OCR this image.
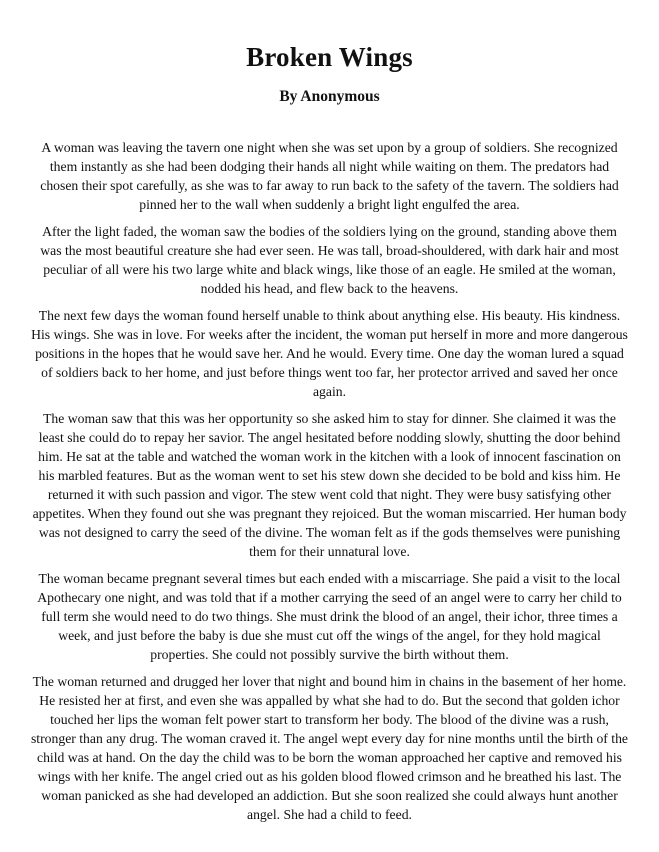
Broken Wings
By Anonymous

A woman was leaving the tavern one night when she was set upon by a group of soldiers. She recognized them instantly as she had been dodging their hands all night while waiting on them. The predators had chosen their spot carefully, as she was to far away to run back to the safety of the tavern. The soldiers had pinned her to the wall when suddenly a bright light engulfed the area.

After the light faded, the woman saw the bodies of the soldiers lying on the ground, standing above them was the most beautiful creature she had ever seen. He was tall, broad-shouldered, with dark hair and most peculiar of all were his two large white and black wings, like those of an eagle. He smiled at the woman, nodded his head, and flew back to the heavens.

The next few days the woman found herself unable to think about anything else. His beauty. His kindness. His wings. She was in love. For weeks after the incident, the woman put herself in more and more dangerous positions in the hopes that he would save her. And he would. Every time. One day the woman lured a squad of soldiers back to her home, and just before things went too far, her protector arrived and saved her once again.

The woman saw that this was her opportunity so she asked him to stay for dinner. She claimed it was the least she could do to repay her savior. The angel hesitated before nodding slowly, shutting the door behind him. He sat at the table and watched the woman work in the kitchen with a look of innocent fascination on his marbled features. But as the woman went to set his stew down she decided to be bold and kiss him. He returned it with such passion and vigor. The stew went cold that night. They were busy satisfying other appetites. When they found out she was pregnant they rejoiced. But the woman miscarried. Her human body was not designed to carry the seed of the divine. The woman felt as if the gods themselves were punishing them for their unnatural love.

The woman became pregnant several times but each ended with a miscarriage. She paid a visit to the local Apothecary one night, and was told that if a mother carrying the seed of an angel were to carry her child to full term she would need to do two things. She must drink the blood of an angel, their ichor, three times a week, and just before the baby is due she must cut off the wings of the angel, for they hold magical properties. She could not possibly survive the birth without them.

The woman returned and drugged her lover that night and bound him in chains in the basement of her home. He resisted her at first, and even she was appalled by what she had to do. But the second that golden ichor touched her lips the woman felt power start to transform her body. The blood of the divine was a rush, stronger than any drug. The woman craved it. The angel wept every day for nine months until the birth of the child was at hand. On the day the child was to be born the woman approached her captive and removed his wings with her knife. The angel cried out as his golden blood flowed crimson and he breathed his last. The woman panicked as she had developed an addiction. But she soon realized she could always hunt another angel. She had a child to feed.
